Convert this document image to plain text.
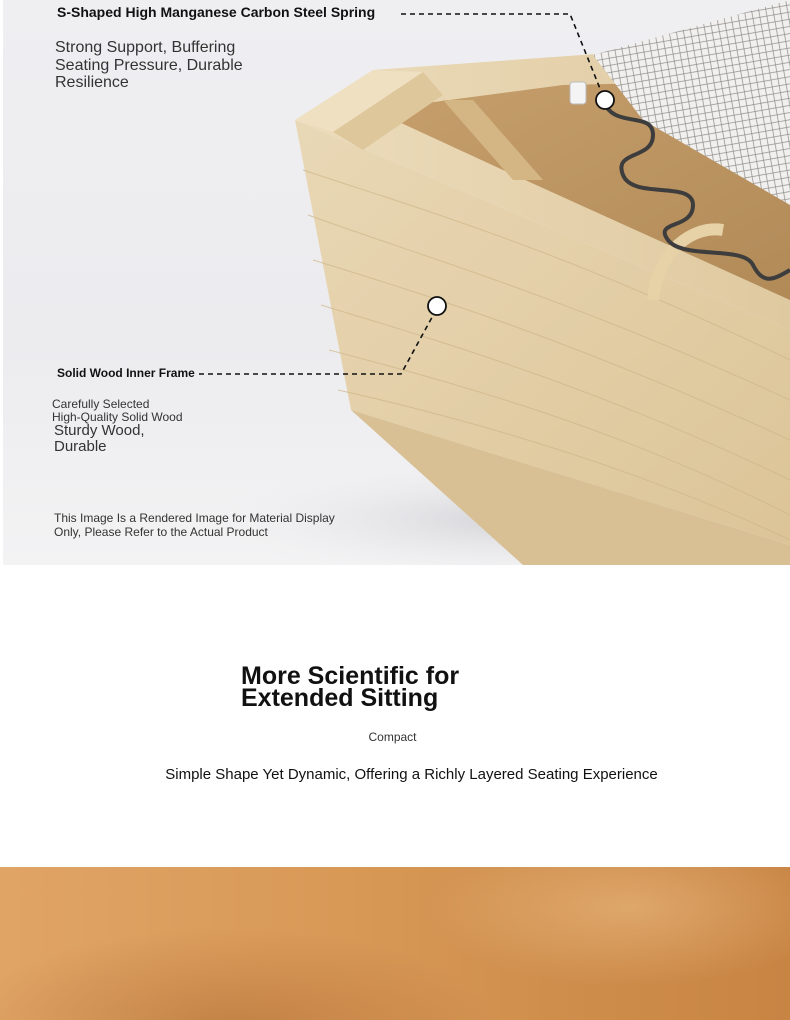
S-Shaped High Manganese Carbon Steel Spring
Strong Support, Buffering
Seating Pressure, Durable
Resilience
Solid Wood Inner Frame
Carefully Selected
High-Quality Solid Wood
Sturdy Wood,
Durable
This Image Is a Rendered Image for Material Display
Only, Please Refer to the Actual Product
More Scientific for
Extended Sitting
Compact
Simple Shape Yet Dynamic, Offering a Richly Layered Seating Experience
